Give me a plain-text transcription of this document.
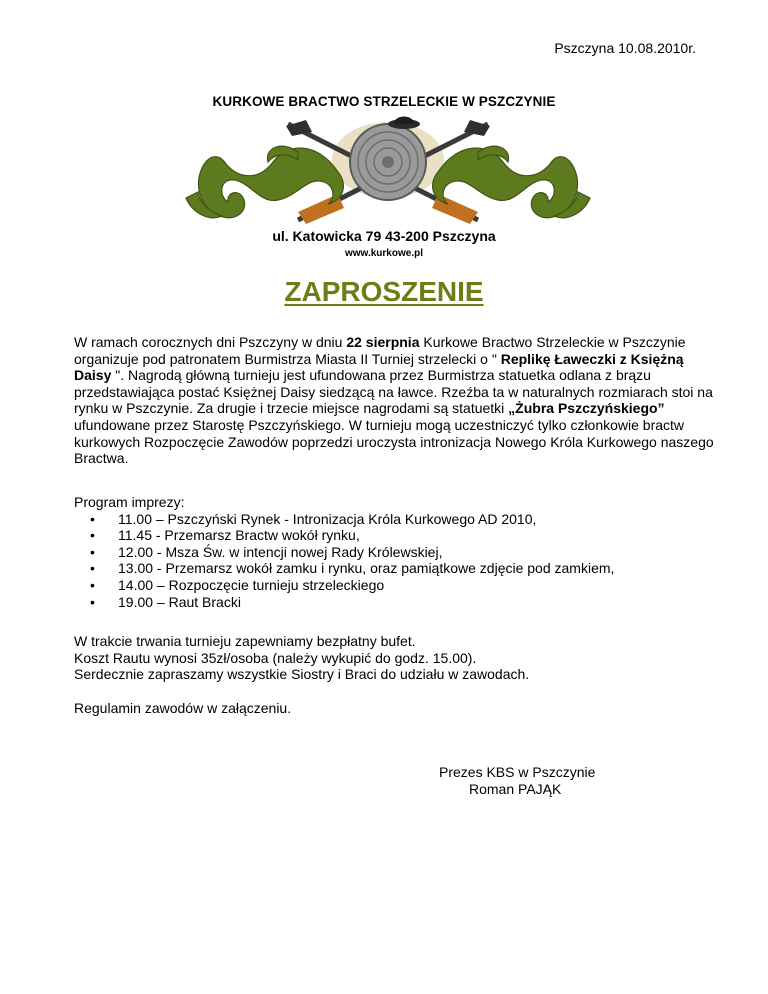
Pszczyna 10.08.2010r.
KURKOWE BRACTWO STRZELECKIE W PSZCZYNIE
ul. Katowicka 79 43-200 Pszczyna
www.kurkowe.pl
ZAPROSZENIE

W ramach corocznych dni Pszczyny w dniu 22 sierpnia Kurkowe Bractwo Strzeleckie w Pszczynie organizuje pod patronatem Burmistrza Miasta II Turniej strzelecki o " Replikę Ławeczki z Księżną Daisy ". Nagrodą główną turnieju jest ufundowana przez Burmistrza statuetka odlana z brązu przedstawiająca postać Księżnej Daisy siedzącą na ławce. Rzeźba ta w naturalnych rozmiarach stoi na rynku w Pszczynie. Za drugie i trzecie miejsce nagrodami są statuetki „Żubra Pszczyńskiego” ufundowane przez Starostę Pszczyńskiego. W turnieju mogą uczestniczyć tylko członkowie bractw kurkowych Rozpoczęcie Zawodów poprzedzi uroczysta intronizacja Nowego Króla Kurkowego naszego Bractwa.

Program imprezy:
• 11.00 – Pszczyński Rynek - Intronizacja Króla Kurkowego AD 2010,
• 11.45 - Przemarsz Bractw wokół rynku,
• 12.00 - Msza Św. w intencji nowej Rady Królewskiej,
• 13.00 - Przemarsz wokół zamku i rynku, oraz pamiątkowe zdjęcie pod zamkiem,
• 14.00 – Rozpoczęcie turnieju strzeleckiego
• 19.00 – Raut Bracki

W trakcie trwania turnieju zapewniamy bezpłatny bufet.

Koszt Rautu wynosi 35zł/osoba (należy wykupić do godz. 15.00).

Serdecznie zapraszamy wszystkie Siostry i Braci do udziału w zawodach.

Regulamin zawodów w załączeniu.
Prezes KBS w Pszczynie
Roman PAJĄK
